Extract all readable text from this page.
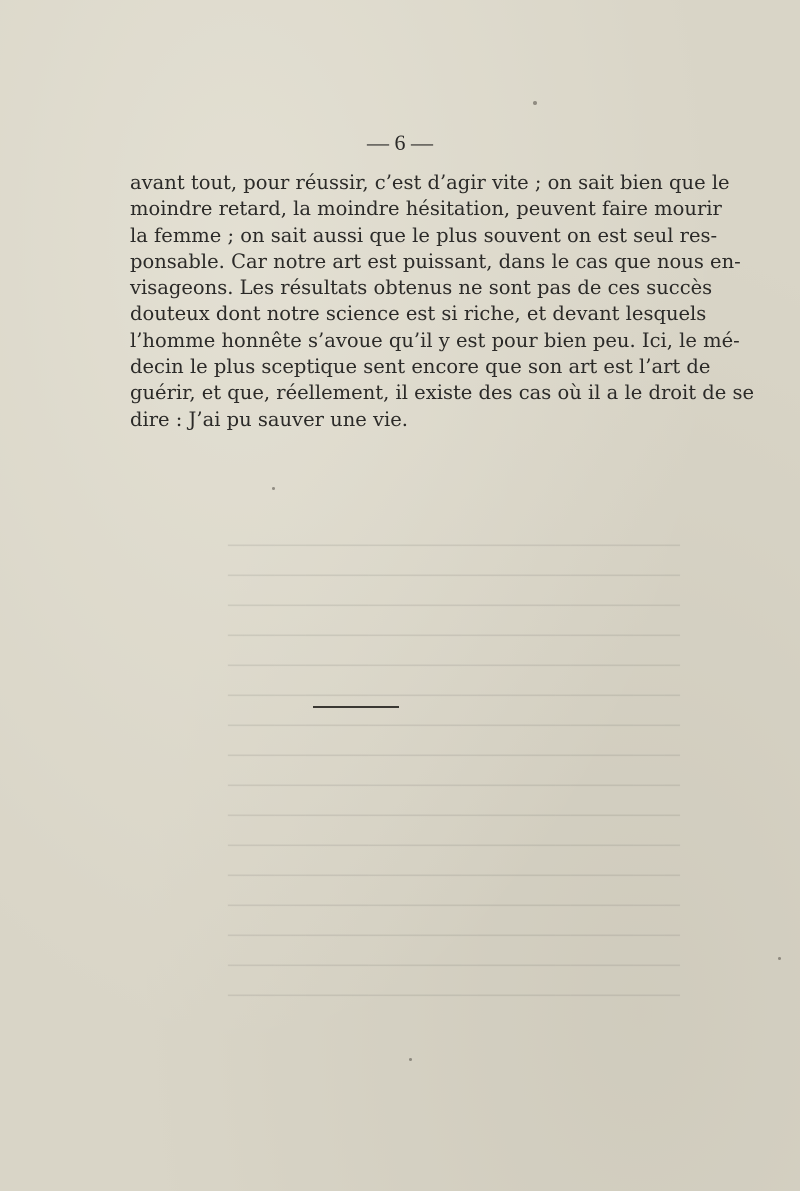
─────────────────────────────
─────────────────────────────
─────────────────────────────
─────────────────────────────
─────────────────────────────
─────────────────────────────
─────────────────────────────
─────────────────────────────
─────────────────────────────
─────────────────────────────
─────────────────────────────
─────────────────────────────
─────────────────────────────
─────────────────────────────
─────────────────────────────
─────────────────────────────
— 6 —
avant tout, pour réussir, c’est d’agir vite ; on sait bien que le
moindre retard, la moindre hésitation, peuvent faire mourir
la femme ; on sait aussi que le plus souvent on est seul res-
ponsable. Car notre art est puissant, dans le cas que nous en-
visageons. Les résultats obtenus ne sont pas de ces succès
douteux dont notre science est si riche, et devant lesquels
l’homme honnête s’avoue qu’il y est pour bien peu. Ici, le mé-
decin le plus sceptique sent encore que son art est l’art de
guérir, et que, réellement, il existe des cas où il a le droit de se
dire : J’ai pu sauver une vie.
